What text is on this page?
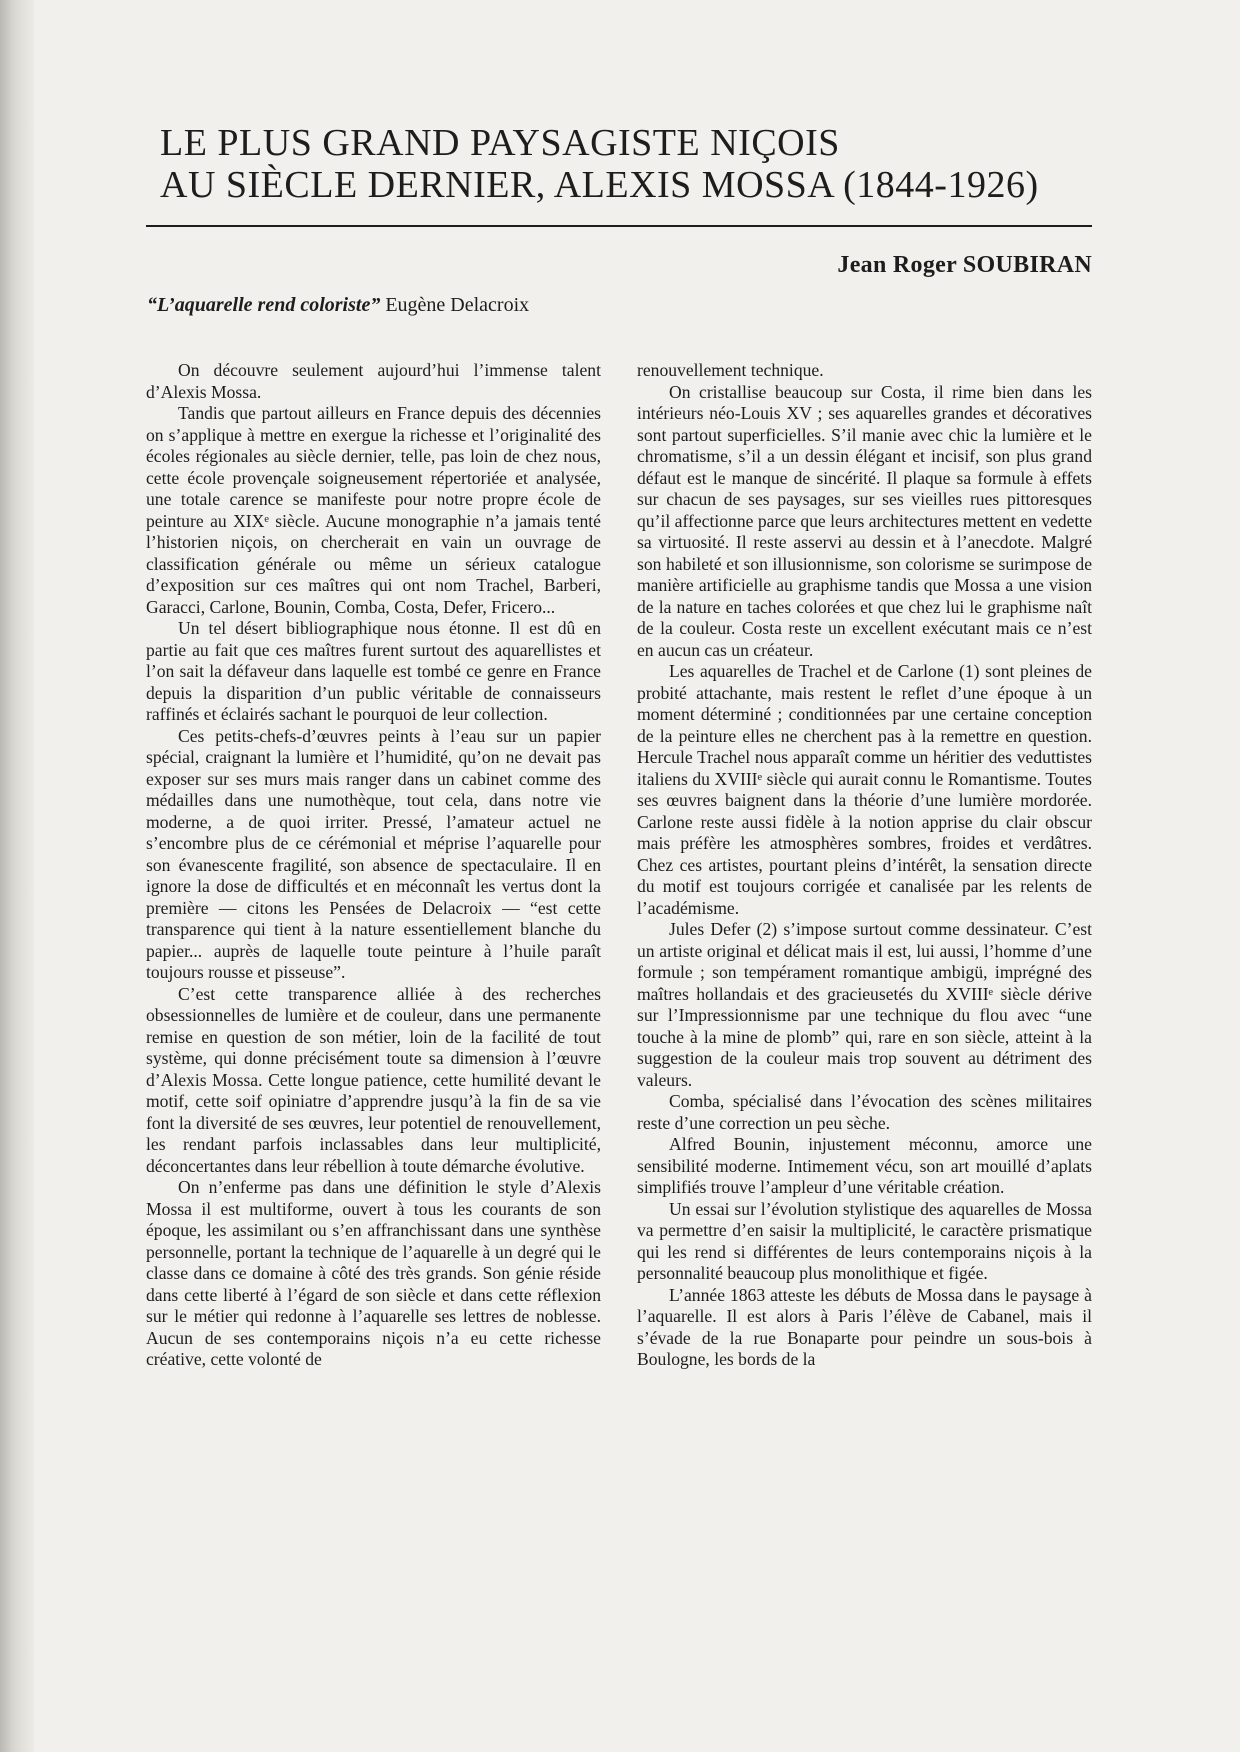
LE PLUS GRAND PAYSAGISTE NIÇOIS
AU SIÈCLE DERNIER, ALEXIS MOSSA (1844-1926)
Jean Roger SOUBIRAN
“L’aquarelle rend coloriste” Eugène Delacroix

On découvre seulement aujourd’hui l’immense talent d’Alexis Mossa.

Tandis que partout ailleurs en France depuis des décennies on s’applique à mettre en exergue la richesse et l’originalité des écoles régionales au siècle dernier, telle, pas loin de chez nous, cette école provençale soigneusement répertoriée et analysée, une totale carence se manifeste pour notre propre école de peinture au XIXᵉ siècle. Aucune monographie n’a jamais tenté l’historien niçois, on chercherait en vain un ouvrage de classification générale ou même un sérieux catalogue d’exposition sur ces maîtres qui ont nom Trachel, Barberi, Garacci, Carlone, Bounin, Comba, Costa, Defer, Fricero...

Un tel désert bibliographique nous étonne. Il est dû en partie au fait que ces maîtres furent surtout des aquarellistes et l’on sait la défaveur dans laquelle est tombé ce genre en France depuis la disparition d’un public véritable de connaisseurs raffinés et éclairés sachant le pourquoi de leur collection.

Ces petits-chefs-d’œuvres peints à l’eau sur un papier spécial, craignant la lumière et l’humidité, qu’on ne devait pas exposer sur ses murs mais ranger dans un cabinet comme des médailles dans une numothèque, tout cela, dans notre vie moderne, a de quoi irriter. Pressé, l’amateur actuel ne s’encombre plus de ce cérémonial et méprise l’aquarelle pour son évanescente fragilité, son absence de spectaculaire. Il en ignore la dose de difficultés et en méconnaît les vertus dont la première — citons les Pensées de Delacroix — “est cette transparence qui tient à la nature essentiellement blanche du papier... auprès de laquelle toute peinture à l’huile paraît toujours rousse et pisseuse”.

C’est cette transparence alliée à des recherches obsessionnelles de lumière et de couleur, dans une permanente remise en question de son métier, loin de la facilité de tout système, qui donne précisément toute sa dimension à l’œuvre d’Alexis Mossa. Cette longue patience, cette humilité devant le motif, cette soif opiniatre d’apprendre jusqu’à la fin de sa vie font la diversité de ses œuvres, leur potentiel de renouvellement, les rendant parfois inclassables dans leur multiplicité, déconcertantes dans leur rébellion à toute démarche évolutive.

On n’enferme pas dans une définition le style d’Alexis Mossa il est multiforme, ouvert à tous les courants de son époque, les assimilant ou s’en affranchissant dans une synthèse personnelle, portant la technique de l’aquarelle à un degré qui le classe dans ce domaine à côté des très grands. Son génie réside dans cette liberté à l’égard de son siècle et dans cette réflexion sur le métier qui redonne à l’aquarelle ses lettres de noblesse. Aucun de ses contemporains niçois n’a eu cette richesse créative, cette volonté de

renouvellement technique.

On cristallise beaucoup sur Costa, il rime bien dans les intérieurs néo-Louis XV ; ses aquarelles grandes et décoratives sont partout superficielles. S’il manie avec chic la lumière et le chromatisme, s’il a un dessin élégant et incisif, son plus grand défaut est le manque de sincérité. Il plaque sa formule à effets sur chacun de ses paysages, sur ses vieilles rues pittoresques qu’il affectionne parce que leurs architectures mettent en vedette sa virtuosité. Il reste asservi au dessin et à l’anecdote. Malgré son habileté et son illusionnisme, son colorisme se surimpose de manière artificielle au graphisme tandis que Mossa a une vision de la nature en taches colorées et que chez lui le graphisme naît de la couleur. Costa reste un excellent exécutant mais ce n’est en aucun cas un créateur.

Les aquarelles de Trachel et de Carlone (1) sont pleines de probité attachante, mais restent le reflet d’une époque à un moment déterminé ; conditionnées par une certaine conception de la peinture elles ne cherchent pas à la remettre en question. Hercule Trachel nous apparaît comme un héritier des veduttistes italiens du XVIIIᵉ siècle qui aurait connu le Romantisme. Toutes ses œuvres baignent dans la théorie d’une lumière mordorée. Carlone reste aussi fidèle à la notion apprise du clair obscur mais préfère les atmosphères sombres, froides et verdâtres. Chez ces artistes, pourtant pleins d’intérêt, la sensation directe du motif est toujours corrigée et canalisée par les relents de l’académisme.

Jules Defer (2) s’impose surtout comme dessinateur. C’est un artiste original et délicat mais il est, lui aussi, l’homme d’une formule ; son tempérament romantique ambigü, imprégné des maîtres hollandais et des gracieusetés du XVIIIᵉ siècle dérive sur l’Impressionnisme par une technique du flou avec “une touche à la mine de plomb” qui, rare en son siècle, atteint à la suggestion de la couleur mais trop souvent au détriment des valeurs.

Comba, spécialisé dans l’évocation des scènes militaires reste d’une correction un peu sèche.

Alfred Bounin, injustement méconnu, amorce une sensibilité moderne. Intimement vécu, son art mouillé d’aplats simplifiés trouve l’ampleur d’une véritable création.

Un essai sur l’évolution stylistique des aquarelles de Mossa va permettre d’en saisir la multiplicité, le caractère prismatique qui les rend si différentes de leurs contemporains niçois à la personnalité beaucoup plus monolithique et figée.

L’année 1863 atteste les débuts de Mossa dans le paysage à l’aquarelle. Il est alors à Paris l’élève de Cabanel, mais il s’évade de la rue Bonaparte pour peindre un sous-bois à Boulogne, les bords de la
